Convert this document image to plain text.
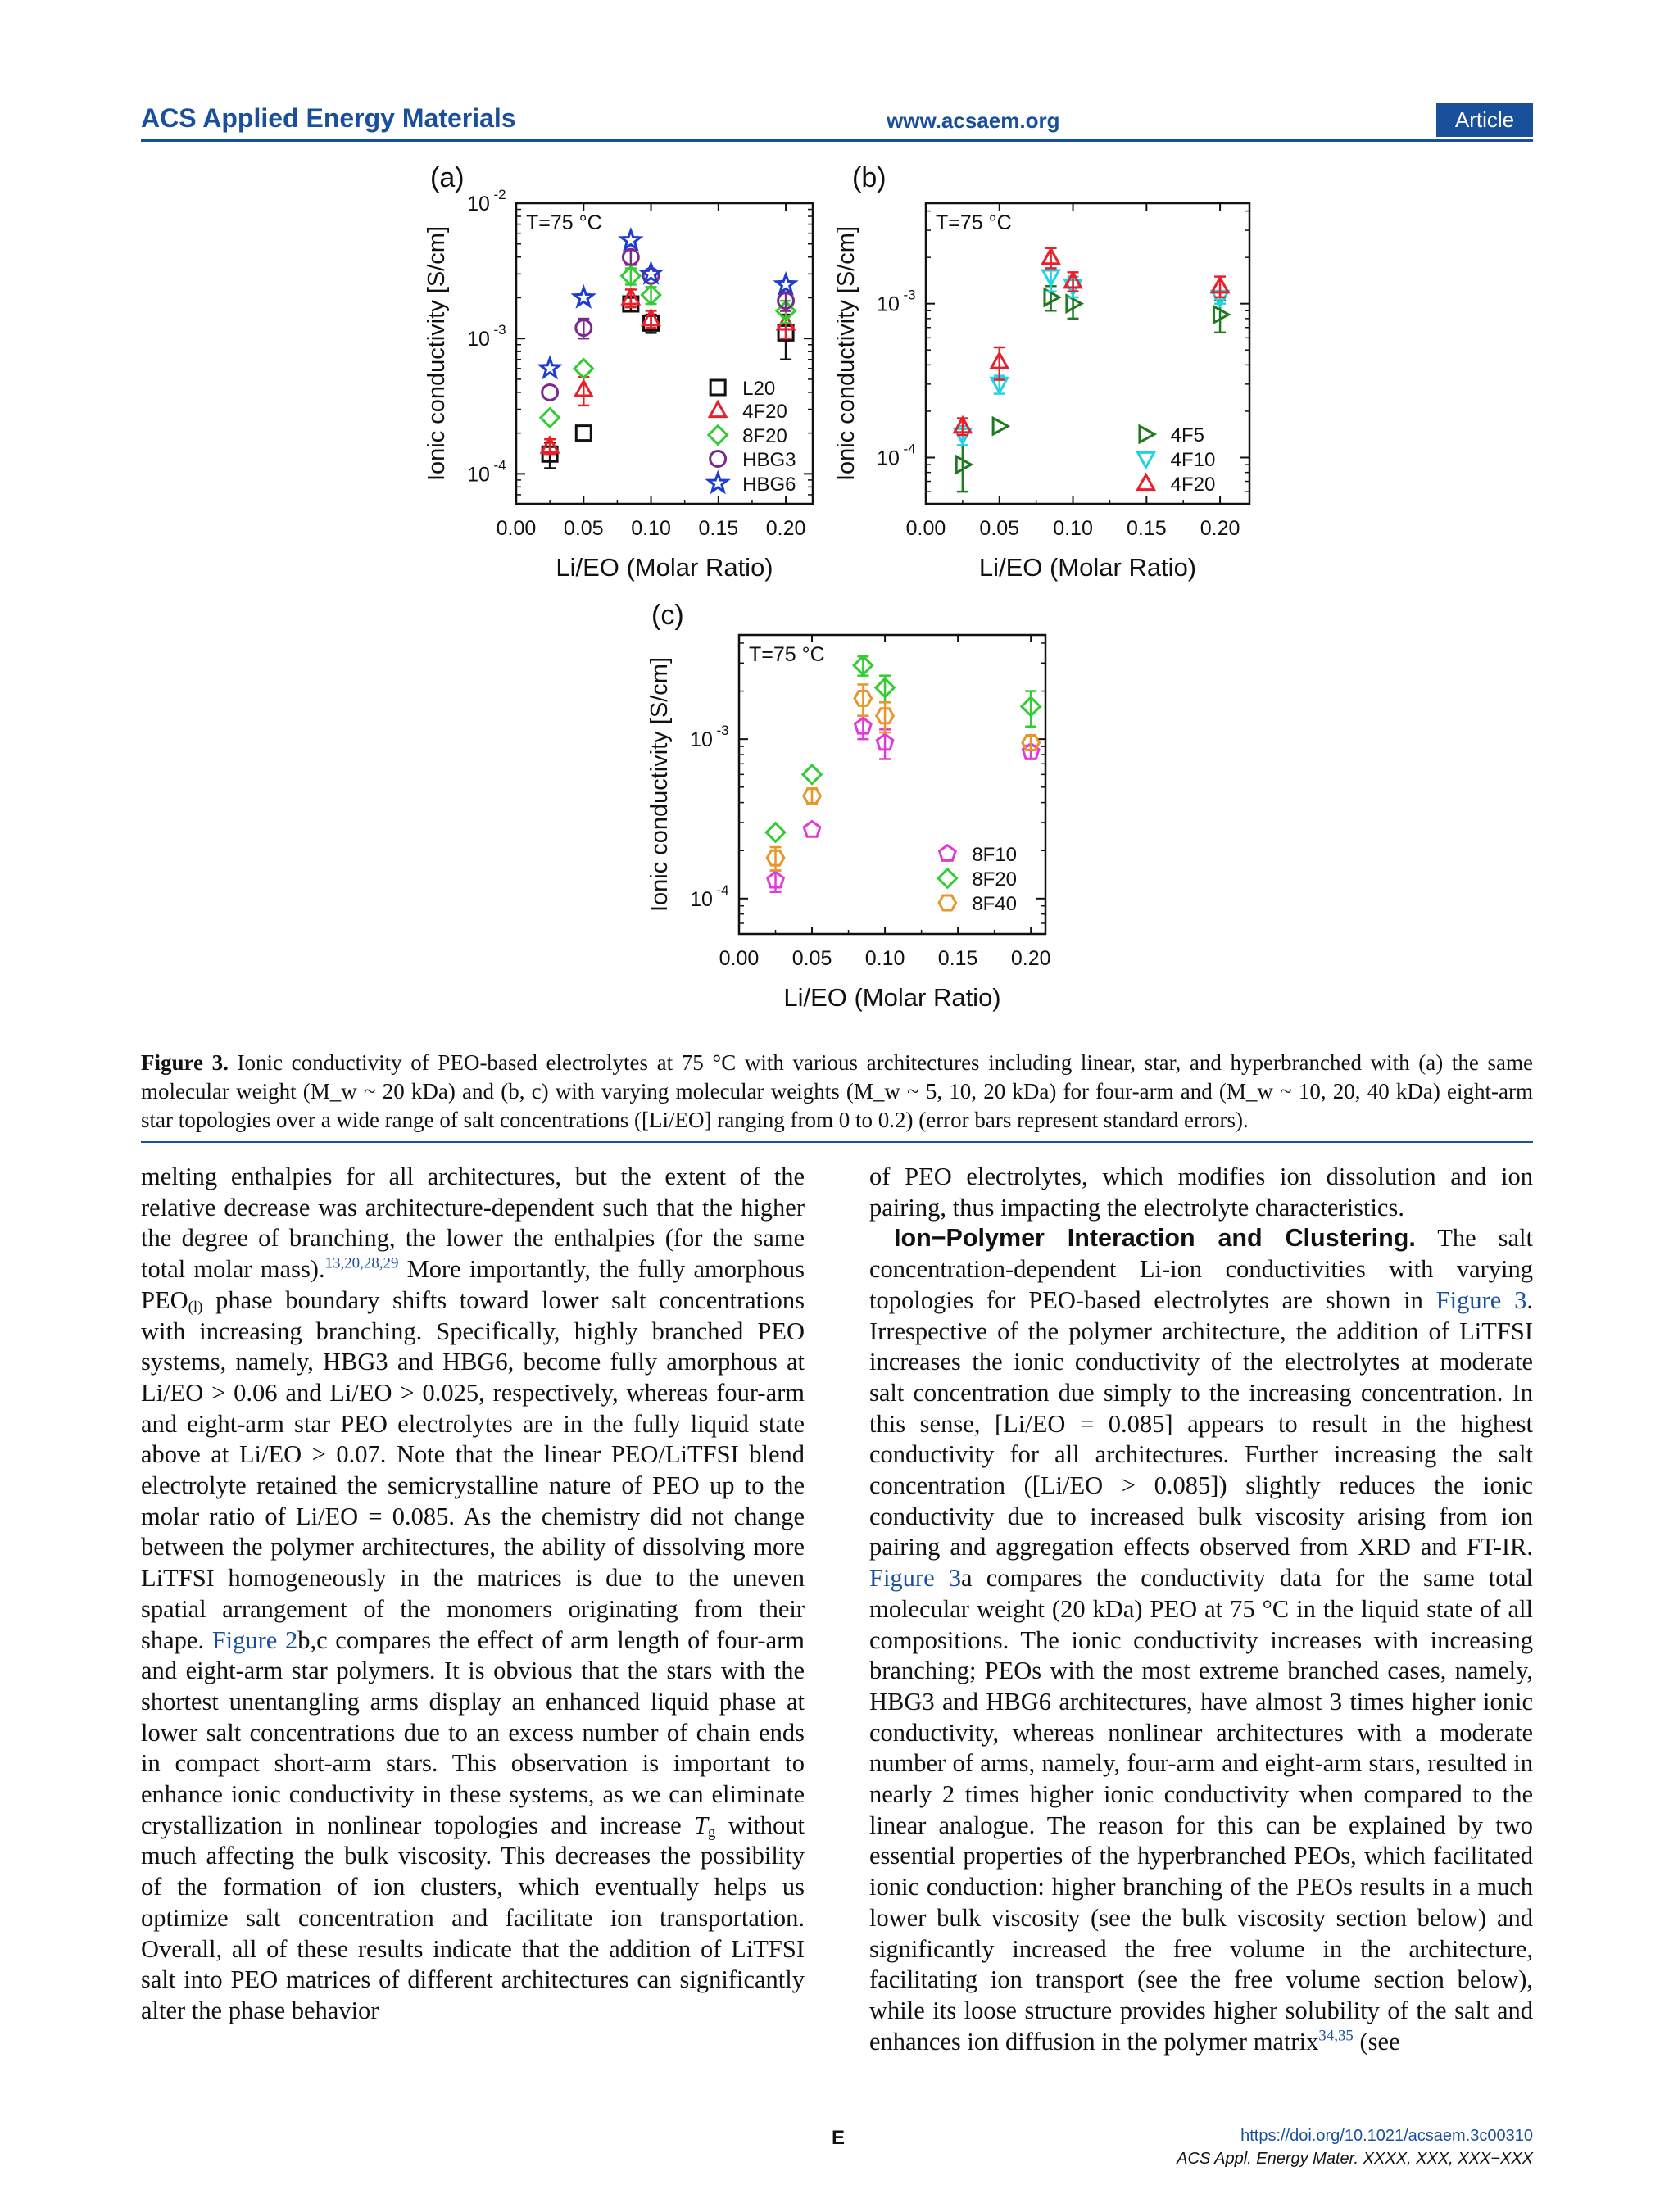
ACS Applied Energy Materials	www.acsaem.org	Article
(a)
T=75 °C
0.00 0.05 0.10 0.15 0.20
10 -2
10 -3
10 -4
Li/EO (Molar Ratio)
Ionic conductivity [S/cm]	L20
4F20
8F20
HBG3
HBG6
(b)
T=75 °C
0.00 0.05 0.10 0.15 0.20
10 -3
10 -4
Li/EO (Molar Ratio)
Ionic conductivity [S/cm]	4F5
4F10
4F20
(c)
T=75 °C
0.00 0.05 0.10 0.15 0.20
10 -3
10 -4
Li/EO (Molar Ratio)
Ionic conductivity [S/cm]	8F10
8F20
8F40
Figure 3. Ionic conductivity of PEO-based electrolytes at 75 °C with various architectures including linear, star, and hyperbranched with (a) the same molecular weight (M_w ~ 20 kDa) and (b, c) with varying molecular weights (M_w ~ 5, 10, 20 kDa) for four-arm and (M_w ~ 10, 20, 40 kDa) eight-arm star topologies over a wide range of salt concentrations ([Li/EO] ranging from 0 to 0.2) (error bars represent standard errors).

melting enthalpies for all architectures, but the extent of the relative decrease was architecture-dependent such that the higher the degree of branching, the lower the enthalpies (for the same total molar mass).$^{13,20,28,29}$ More importantly, the fully amorphous $PEO_{(l)}$ phase boundary shifts toward lower salt concentrations with increasing branching. Specifically, highly branched PEO systems, namely, HBG3 and HBG6, become fully amorphous at Li/EO > 0.06 and Li/EO > 0.025, respectively, whereas four-arm and eight-arm star PEO electrolytes are in the fully liquid state above at Li/EO > 0.07. Note that the linear PEO/LiTFSI blend electrolyte retained the semicrystalline nature of PEO up to the molar ratio of Li/EO = 0.085. As the chemistry did not change between the polymer architectures, the ability of dissolving more LiTFSI homogeneously in the matrices is due to the uneven spatial arrangement of the monomers originating from their shape. Figure 2b,c compares the effect of arm length of four-arm and eight-arm star polymers. It is obvious that the stars with the shortest unentangling arms display an enhanced liquid phase at lower salt concentrations due to an excess number of chain ends in compact short-arm stars. This observation is important to enhance ionic conductivity in these systems, as we can eliminate crystallization in nonlinear topologies and increase $T_g$ without much affecting the bulk viscosity. This decreases the possibility of the formation of ion clusters, which eventually helps us optimize salt concentration and facilitate ion transportation. Overall, all of these results indicate that the addition of LiTFSI salt into PEO matrices of different architectures can significantly alter the phase behavior

of PEO electrolytes, which modifies ion dissolution and ion pairing, thus impacting the electrolyte characteristics.

Ion−Polymer Interaction and Clustering. The salt concentration-dependent Li-ion conductivities with varying topologies for PEO-based electrolytes are shown in Figure 3. Irrespective of the polymer architecture, the addition of LiTFSI increases the ionic conductivity of the electrolytes at moderate salt concentration due simply to the increasing concentration. In this sense, [Li/EO = 0.085] appears to result in the highest conductivity for all architectures. Further increasing the salt concentration ([Li/EO > 0.085]) slightly reduces the ionic conductivity due to increased bulk viscosity arising from ion pairing and aggregation effects observed from XRD and FT-IR. Figure 3a compares the conductivity data for the same total molecular weight (20 kDa) PEO at 75 °C in the liquid state of all compositions. The ionic conductivity increases with increasing branching; PEOs with the most extreme branched cases, namely, HBG3 and HBG6 architectures, have almost 3 times higher ionic conductivity, whereas nonlinear architectures with a moderate number of arms, namely, four-arm and eight-arm stars, resulted in nearly 2 times higher ionic conductivity when compared to the linear analogue. The reason for this can be explained by two essential properties of the hyperbranched PEOs, which facilitated ionic conduction: higher branching of the PEOs results in a much lower bulk viscosity (see the bulk viscosity section below) and significantly increased the free volume in the architecture, facilitating ion transport (see the free volume section below), while its loose structure provides higher solubility of the salt and enhances ion diffusion in the polymer matrix$^{34,35}$ (see

E	https://doi.org/10.1021/acsaem.3c00310
ACS Appl. Energy Mater. XXXX, XXX, XXX−XXX
